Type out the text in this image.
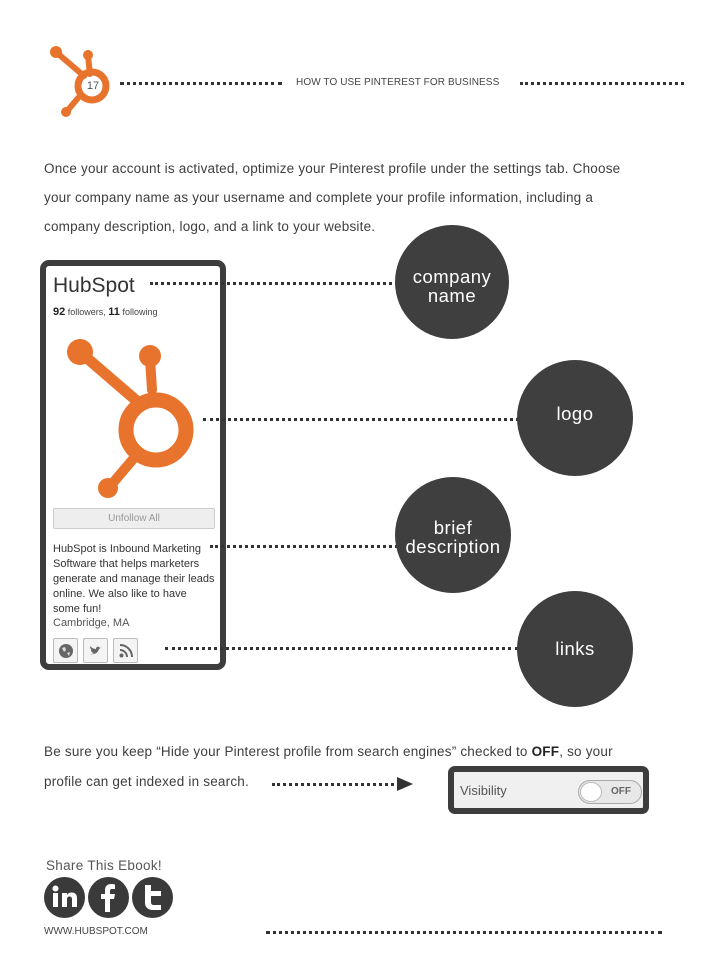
17	HOW TO USE PINTEREST FOR BUSINESS
Once your account is activated, optimize your Pinterest profile under the settings tab. Choose
your company name as your username and complete your profile information, including a
company description, logo, and a link to your website.
HubSpot
92 followers, 11 following
Unfollow All
HubSpot is Inbound Marketing
Software that helps marketers
generate and manage their leads
online. We also like to have
some fun!
Cambridge, MA
company
name
logo
brief
description
links
Be sure you keep “Hide your Pinterest profile from search engines” checked to OFF, so your
profile can get indexed in search.
Visibility	OFF
Share This Ebook!
WWW.HUBSPOT.COM
